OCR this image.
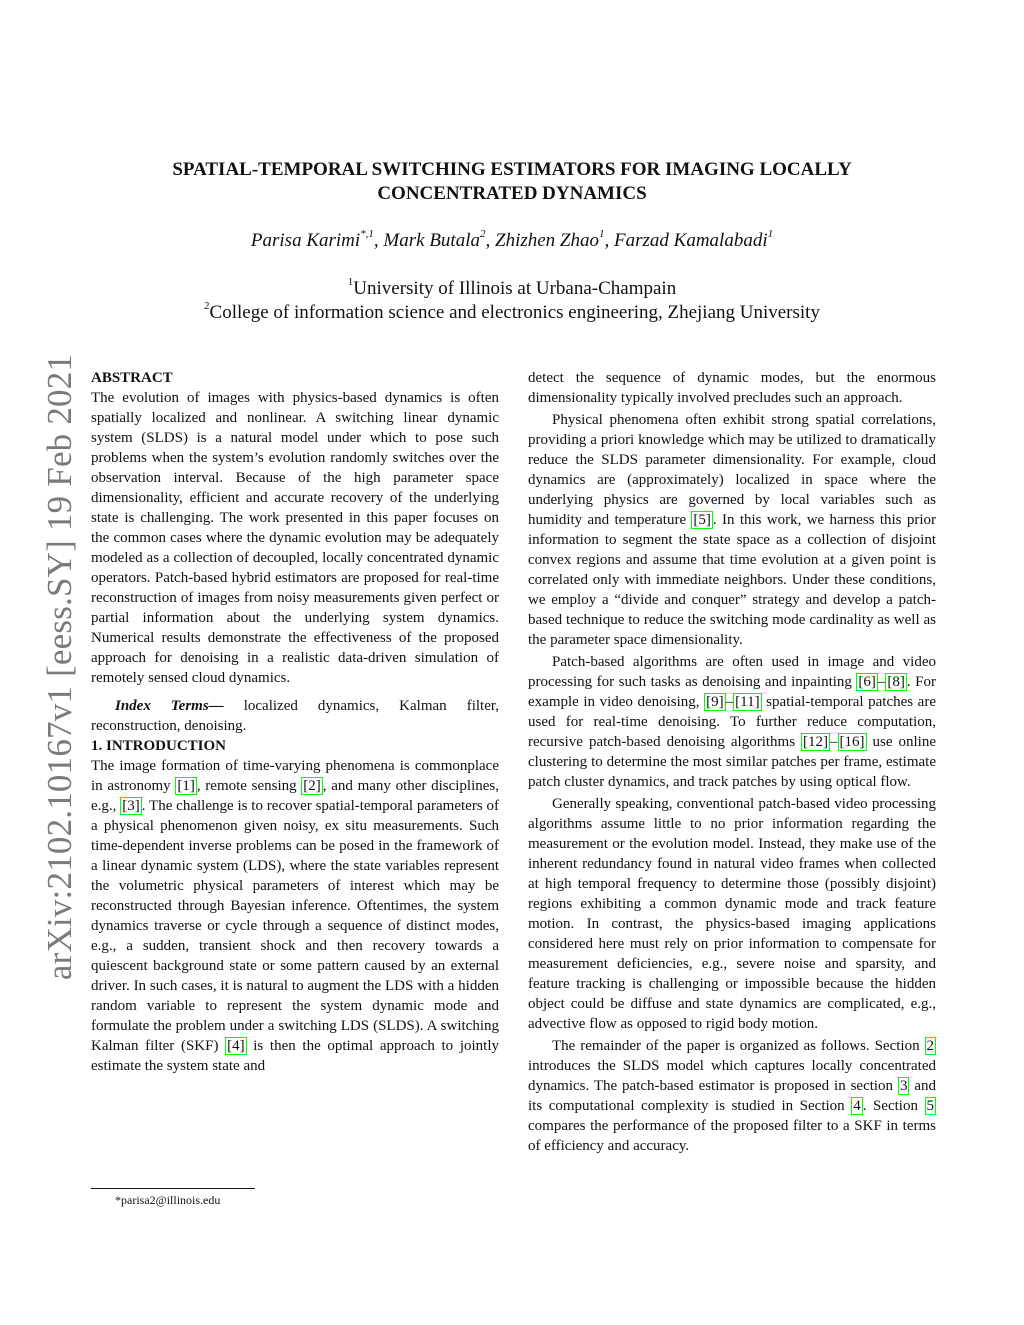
arXiv:2102.10167v1 [eess.SY] 19 Feb 2021
SPATIAL-TEMPORAL SWITCHING ESTIMATORS FOR IMAGING LOCALLY
CONCENTRATED DYNAMICS
Parisa Karimi$^{*,1}$, Mark Butala$^2$, Zhizhen Zhao$^1$, Farzad Kamalabadi$^1$
$^1$University of Illinois at Urbana-Champain
$^2$College of information science and electronics engineering, Zhejiang University

ABSTRACT

The evolution of images with physics-based dynamics is often spatially localized and nonlinear. A switching linear dynamic system (SLDS) is a natural model under which to pose such problems when the system’s evolution randomly switches over the observation interval. Because of the high parameter space dimensionality, efficient and accurate recovery of the underlying state is challenging. The work presented in this paper focuses on the common cases where the dynamic evolution may be adequately modeled as a collection of decoupled, locally concentrated dynamic operators. Patch-based hybrid estimators are proposed for real-time reconstruction of images from noisy measurements given perfect or partial information about the underlying system dynamics. Numerical results demonstrate the effectiveness of the proposed approach for denoising in a realistic data-driven simulation of remotely sensed cloud dynamics.

Index Terms— localized dynamics, Kalman filter, reconstruction, denoising.

1. INTRODUCTION

The image formation of time-varying phenomena is commonplace in astronomy [1] , remote sensing [2] , and many other disciplines, e.g., [3] . The challenge is to recover spatial-temporal parameters of a physical phenomenon given noisy, ex situ measurements. Such time-dependent inverse problems can be posed in the framework of a linear dynamic system (LDS), where the state variables represent the volumetric physical parameters of interest which may be reconstructed through Bayesian inference. Oftentimes, the system dynamics traverse or cycle through a sequence of distinct modes, e.g., a sudden, transient shock and then recovery towards a quiescent background state or some pattern caused by an external driver. In such cases, it is natural to augment the LDS with a hidden random variable to represent the system dynamic mode and formulate the problem under a switching LDS (SLDS). A switching Kalman filter (SKF) [4] is then the optimal approach to jointly estimate the system state and

detect the sequence of dynamic modes, but the enormous dimensionality typically involved precludes such an approach.

Physical phenomena often exhibit strong spatial correlations, providing a priori knowledge which may be utilized to dramatically reduce the SLDS parameter dimensionality. For example, cloud dynamics are (approximately) localized in space where the underlying physics are governed by local variables such as humidity and temperature [5] . In this work, we harness this prior information to segment the state space as a collection of disjoint convex regions and assume that time evolution at a given point is correlated only with immediate neighbors. Under these conditions, we employ a “divide and conquer” strategy and develop a patch-based technique to reduce the switching mode cardinality as well as the parameter space dimensionality.

Patch-based algorithms are often used in image and video processing for such tasks as denoising and inpainting [6] – [8] . For example in video denoising, [9] – [11] spatial-temporal patches are used for real-time denoising. To further reduce computation, recursive patch-based denoising algorithms [12] – [16] use online clustering to determine the most similar patches per frame, estimate patch cluster dynamics, and track patches by using optical flow.

Generally speaking, conventional patch-based video processing algorithms assume little to no prior information regarding the measurement or the evolution model. Instead, they make use of the inherent redundancy found in natural video frames when collected at high temporal frequency to determine those (possibly disjoint) regions exhibiting a common dynamic mode and track feature motion. In contrast, the physics-based imaging applications considered here must rely on prior information to compensate for measurement deficiencies, e.g., severe noise and sparsity, and feature tracking is challenging or impossible because the hidden object could be diffuse and state dynamics are complicated, e.g., advective flow as opposed to rigid body motion.

The remainder of the paper is organized as follows. Section 2 introduces the SLDS model which captures locally concentrated dynamics. The patch-based estimator is proposed in section 3 and its computational complexity is studied in Section 4 . Section 5 compares the performance of the proposed filter to a SKF in terms of efficiency and accuracy.

*parisa2@illinois.edu
